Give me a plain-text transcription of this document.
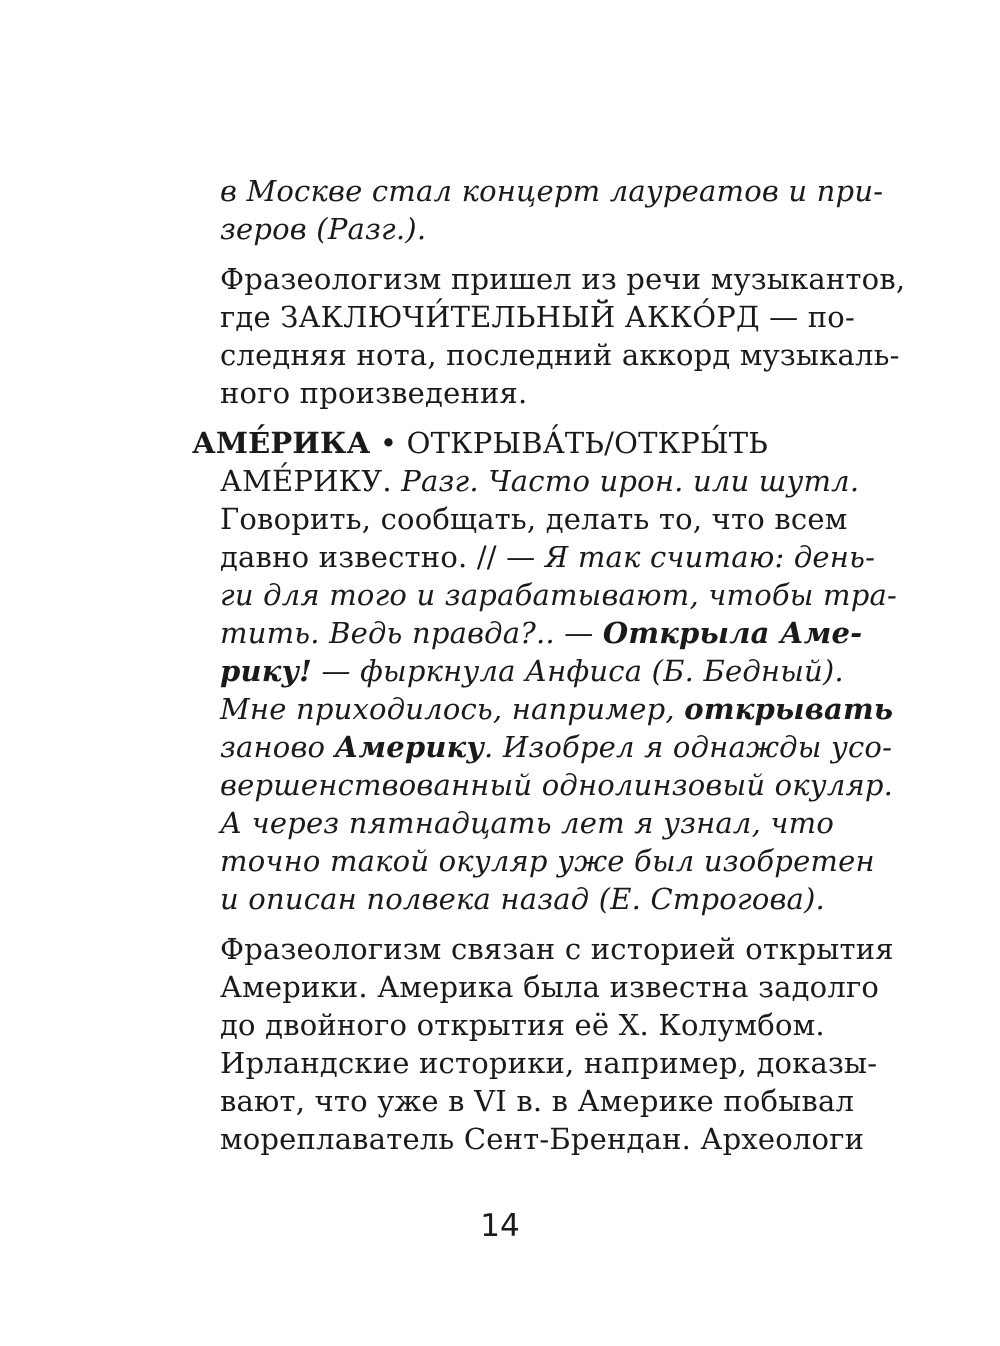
в Москве стал концерт лауреатов и при-
зеров (Разг.).
Фразеологизм пришел из речи музыкантов,
где ЗАКЛЮЧИ́ТЕЛЬНЫЙ АККО́РД — по-
следняя нота, последний аккорд музыкаль-
ного произведения.
АМЕ́РИКА • ОТКРЫВА́ТЬ/ОТКРЫ́ТЬ
АМЕ́РИКУ. Разг. Часто ирон. или шутл.
Говорить, сообщать, делать то, что всем
давно известно. // — Я так считаю: день-
ги для того и зарабатывают, чтобы тра-
тить. Ведь правда?.. — Открыла Аме-
рику! — фыркнула Анфиса (Б. Бедный).
Мне приходилось, например, открывать
заново Америку. Изобрел я однажды усо-
вершенствованный однолинзовый окуляр.
А через пятнадцать лет я узнал, что
точно такой окуляр уже был изобретен
и описан полвека назад (Е. Строгова).
Фразеологизм связан с историей открытия
Америки. Америка была известна задолго
до двойного открытия её Х. Колумбом.
Ирландские историки, например, доказы-
вают, что уже в VI в. в Америке побывал
мореплаватель Сент-Брендан. Археологи
14
